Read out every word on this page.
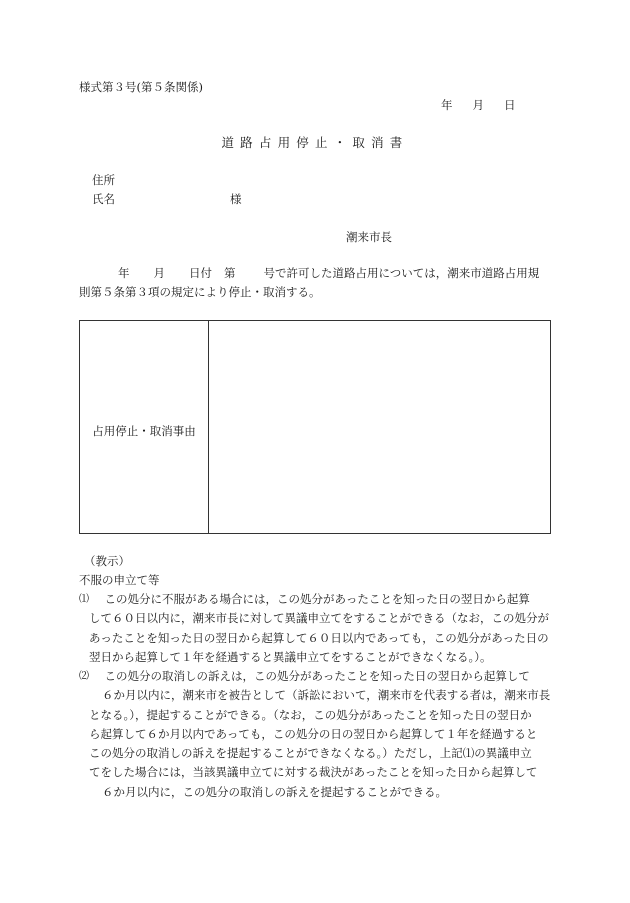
様式第３号(第５条関係)
年 月 日
道路占用停止・取消書
住所
氏名	様
潮来市長
年 月 日付 第 号で許可した道路占用については，潮来市道路占用規
則第５条第３項の規定により停止・取消する。
占用停止・取消事由
（教示）
不服の申立て等
⑴ 　この処分に不服がある場合には，この処分があったことを知った日の翌日から起算
して６０日以内に，潮来市長に対して異議申立てをすることができる（なお，この処分が
あったことを知った日の翌日から起算して６０日以内であっても，この処分があった日の
翌日から起算して１年を経過すると異議申立てをすることができなくなる。）。
⑵ 　この処分の取消しの訴えは，この処分があったことを知った日の翌日から起算して
６か月以内に，潮来市を被告として（訴訟において，潮来市を代表する者は，潮来市長
となる。），提起することができる。（なお，この処分があったことを知った日の翌日か
ら起算して６か月以内であっても，この処分の日の翌日から起算して１年を経過すると
この処分の取消しの訴えを提起することができなくなる。）ただし，上記⑴の異議申立
てをした場合には，当該異議申立てに対する裁決があったことを知った日から起算して
６か月以内に，この処分の取消しの訴えを提起することができる。
